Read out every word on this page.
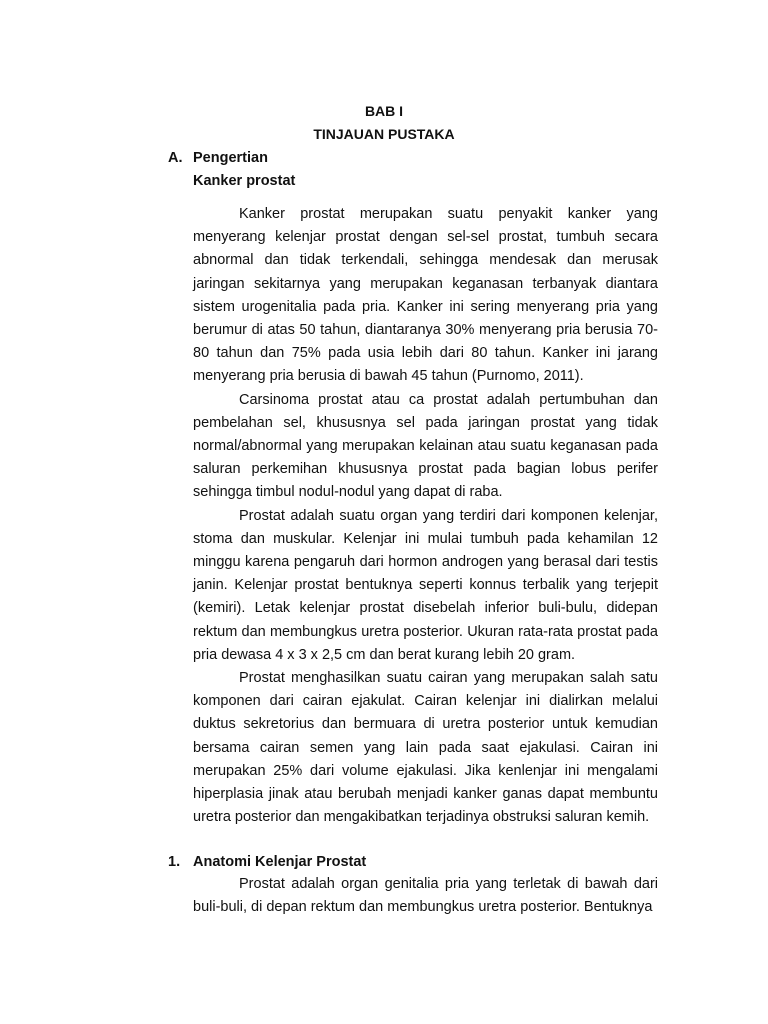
BAB I
TINJAUAN PUSTAKA
A. Pengertian
Kanker prostat

Kanker prostat merupakan suatu penyakit kanker yang menyerang kelenjar prostat dengan sel-sel prostat, tumbuh secara abnormal dan tidak terkendali, sehingga mendesak dan merusak jaringan sekitarnya yang merupakan keganasan terbanyak diantara sistem urogenitalia pada pria. Kanker ini sering menyerang pria yang berumur di atas 50 tahun, diantaranya 30% menyerang pria berusia 70- 80 tahun dan 75% pada usia lebih dari 80 tahun. Kanker ini jarang menyerang pria berusia di bawah 45 tahun (Purnomo, 2011).

Carsinoma prostat atau ca prostat adalah pertumbuhan dan pembelahan sel, khususnya sel pada jaringan prostat yang tidak normal/abnormal yang merupakan kelainan atau suatu keganasan pada saluran perkemihan khususnya prostat pada bagian lobus perifer sehingga timbul nodul-nodul yang dapat di raba.

Prostat adalah suatu organ yang terdiri dari komponen kelenjar, stoma dan muskular. Kelenjar ini mulai tumbuh pada kehamilan 12 minggu karena pengaruh dari hormon androgen yang berasal dari testis janin. Kelenjar prostat bentuknya seperti konnus terbalik yang terjepit (kemiri). Letak kelenjar prostat disebelah inferior buli-bulu, didepan rektum dan membungkus uretra posterior. Ukuran rata-rata prostat pada pria dewasa 4 x 3 x 2,5 cm dan berat kurang lebih 20 gram.

Prostat menghasilkan suatu cairan yang merupakan salah satu komponen dari cairan ejakulat. Cairan kelenjar ini dialirkan melalui duktus sekretorius dan bermuara di uretra posterior untuk kemudian bersama cairan semen yang lain pada saat ejakulasi. Cairan ini merupakan 25% dari volume ejakulasi. Jika kenlenjar ini mengalami hiperplasia jinak atau berubah menjadi kanker ganas dapat membuntu uretra posterior dan mengakibatkan terjadinya obstruksi saluran kemih.

1. Anatomi Kelenjar Prostat

Prostat adalah organ genitalia pria yang terletak di bawah dari buli-buli, di depan rektum dan membungkus uretra posterior. Bentuknya
